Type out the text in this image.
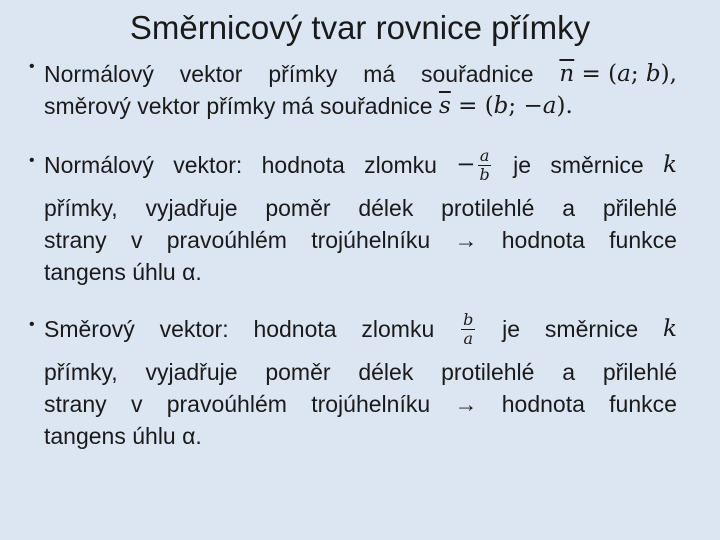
Směrnicový tvar rovnice přímky
• Normálový vektor přímky má souřadnice $\overline{n} = (a$; b),
směrový vektor přímky má souřadnice
$\overline{s} = (b$; −a).
• Normálový vektor: hodnota zlomku − $\frac{a}{b}$ je směrnice k
přímky, vyjadřuje poměr délek protilehlé a přilehlé
strany v pravoúhlém trojúhelníku → hodnota funkce
tangens úhlu α.
• Směrový vektor: hodnota zlomku $\frac{b}{a}$ je směrnice k
přímky, vyjadřuje poměr délek protilehlé a přilehlé
strany v pravoúhlém trojúhelníku → hodnota funkce
tangens úhlu α.
